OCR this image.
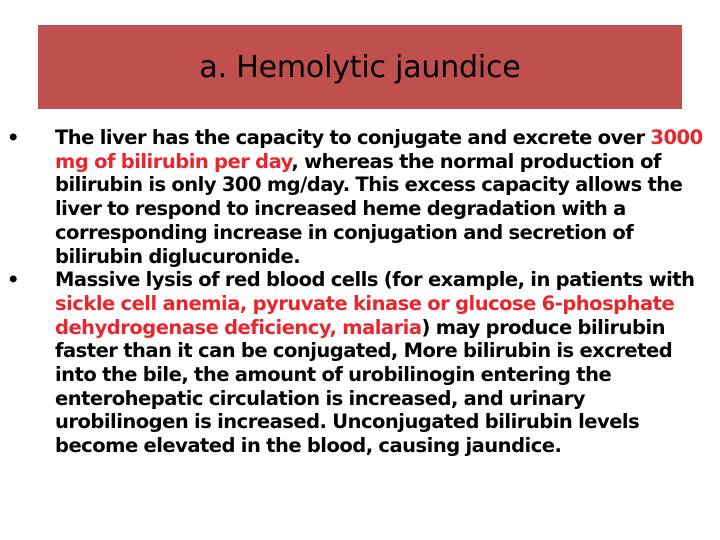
a. Hemolytic jaundice
• The liver has the capacity to conjugate and excrete over 3000 mg of bilirubin per day, whereas the normal production of bilirubin is only 300 mg/day. This excess capacity allows the liver to respond to increased heme degradation with a corresponding increase in conjugation and secretion of bilirubin diglucuronide.
• Massive lysis of red blood cells (for example, in patients with sickle cell anemia, pyruvate kinase or glucose 6-phosphate dehydrogenase deficiency, malaria) may produce bilirubin faster than it can be conjugated, More bilirubin is excreted into the bile, the amount of urobilinogin entering the enterohepatic circulation is increased, and urinary urobilinogen is increased. Unconjugated bilirubin levels become elevated in the blood, causing jaundice.
